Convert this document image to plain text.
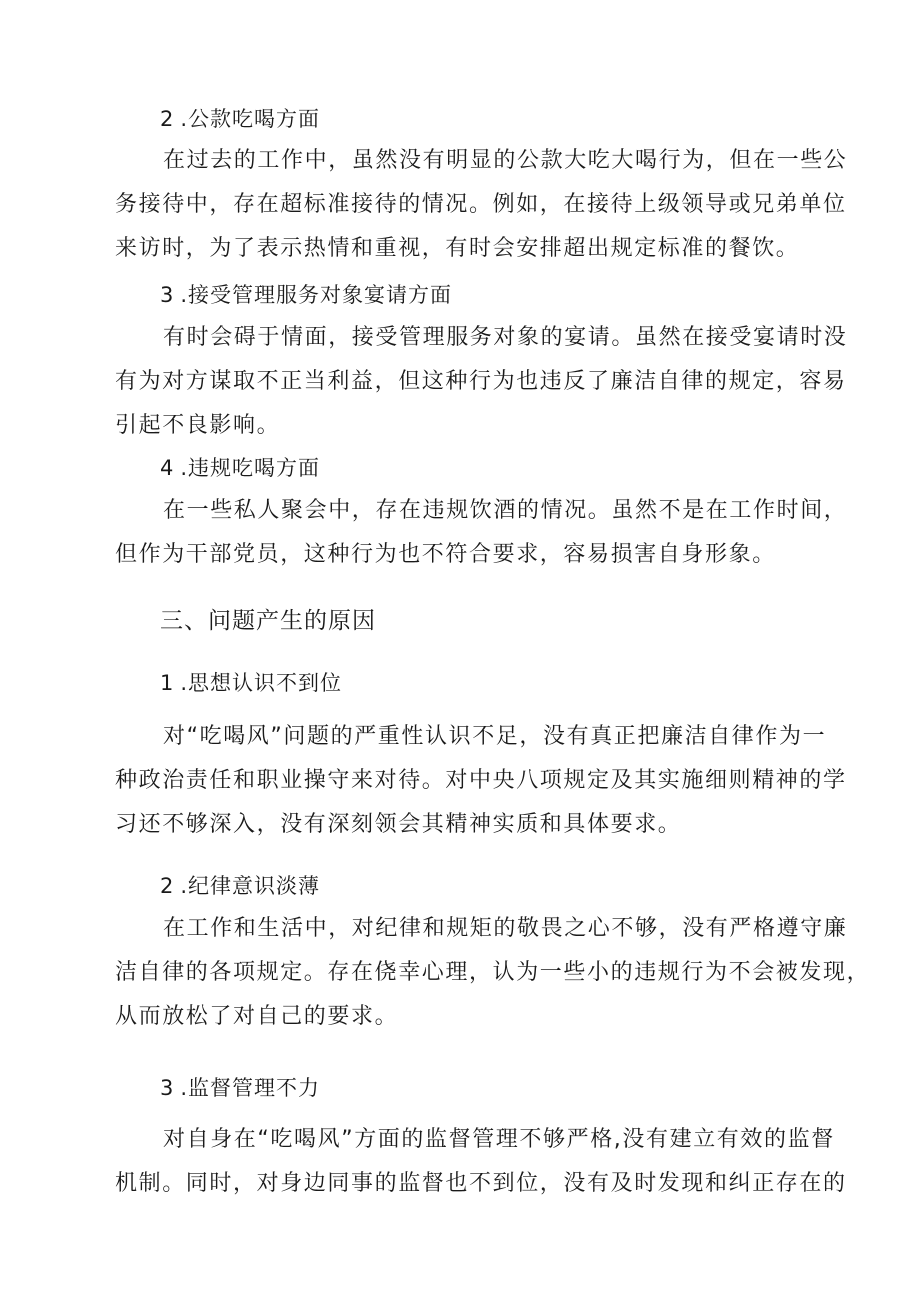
2 .公款吃喝方面
在过去的工作中，虽然没有明显的公款大吃大喝行为，但在一些公
务接待中，存在超标准接待的情况。例如，在接待上级领导或兄弟单位
来访时，为了表示热情和重视，有时会安排超出规定标准的餐饮。
3 .接受管理服务对象宴请方面
有时会碍于情面，接受管理服务对象的宴请。虽然在接受宴请时没
有为对方谋取不正当利益，但这种行为也违反了廉洁自律的规定，容易
引起不良影响。
4 .违规吃喝方面
在一些私人聚会中，存在违规饮酒的情况。虽然不是在工作时间，
但作为干部党员，这种行为也不符合要求，容易损害自身形象。
三、问题产生的原因
1 .思想认识不到位
对“吃喝风”问题的严重性认识不足，没有真正把廉洁自律作为一
种政治责任和职业操守来对待。对中央八项规定及其实施细则精神的学
习还不够深入，没有深刻领会其精神实质和具体要求。
2 .纪律意识淡薄
在工作和生活中，对纪律和规矩的敬畏之心不够，没有严格遵守廉
洁自律的各项规定。存在侥幸心理，认为一些小的违规行为不会被发现，
从而放松了对自己的要求。
3 .监督管理不力
对自身在“吃喝风”方面的监督管理不够严格,没有建立有效的监督
机制。同时，对身边同事的监督也不到位，没有及时发现和纠正存在的
